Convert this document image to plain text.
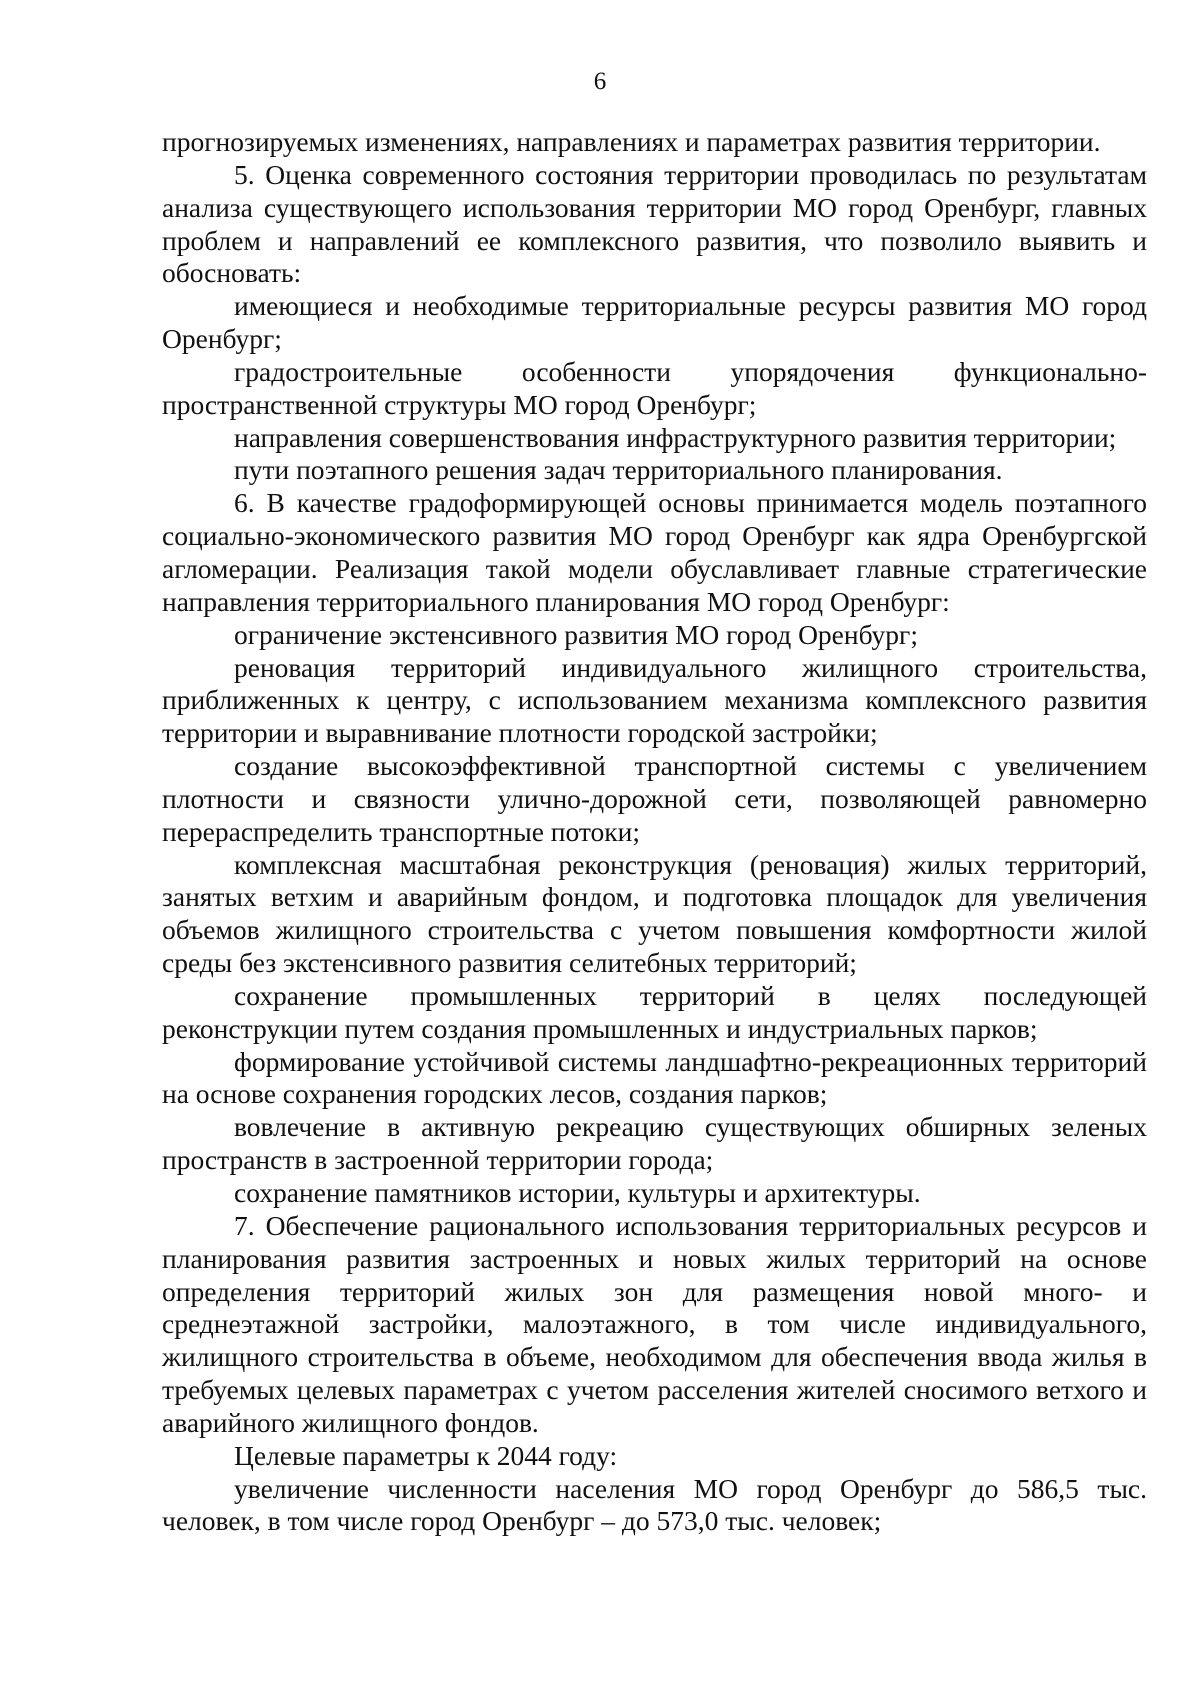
6

прогнозируемых изменениях, направлениях и параметрах развития территории.

5. Оценка современного состояния территории проводилась по результатам анализа существующего использования территории МО город Оренбург, главных проблем и направлений ее комплексного развития, что позволило выявить и обосновать:

имеющиеся и необходимые территориальные ресурсы развития МО город Оренбург;

градостроительные особенности упорядочения функционально-пространственной структуры МО город Оренбург;

направления совершенствования инфраструктурного развития территории;

пути поэтапного решения задач территориального планирования.

6. В качестве градоформирующей основы принимается модель поэтапного социально-экономического развития МО город Оренбург как ядра Оренбургской агломерации. Реализация такой модели обуславливает главные стратегические направления территориального планирования МО город Оренбург:

ограничение экстенсивного развития МО город Оренбург;

реновация территорий индивидуального жилищного строительства, приближенных к центру, с использованием механизма комплексного развития территории и выравнивание плотности городской застройки;

создание высокоэффективной транспортной системы с увеличением плотности и связности улично-дорожной сети, позволяющей равномерно перераспределить транспортные потоки;

комплексная масштабная реконструкция (реновация) жилых территорий, занятых ветхим и аварийным фондом, и подготовка площадок для увеличения объемов жилищного строительства с учетом повышения комфортности жилой среды без экстенсивного развития селитебных территорий;

сохранение промышленных территорий в целях последующей реконструкции путем создания промышленных и индустриальных парков;

формирование устойчивой системы ландшафтно-рекреационных территорий на основе сохранения городских лесов, создания парков;

вовлечение в активную рекреацию существующих обширных зеленых пространств в застроенной территории города;

сохранение памятников истории, культуры и архитектуры.

7. Обеспечение рационального использования территориальных ресурсов и планирования развития застроенных и новых жилых территорий на основе определения территорий жилых зон для размещения новой много- и среднеэтажной застройки, малоэтажного, в том числе индивидуального, жилищного строительства в объеме, необходимом для обеспечения ввода жилья в требуемых целевых параметрах с учетом расселения жителей сносимого ветхого и аварийного жилищного фондов.

Целевые параметры к 2044 году:

увеличение численности населения МО город Оренбург до 586,5 тыс. человек, в том числе город Оренбург – до 573,0 тыс. человек;
